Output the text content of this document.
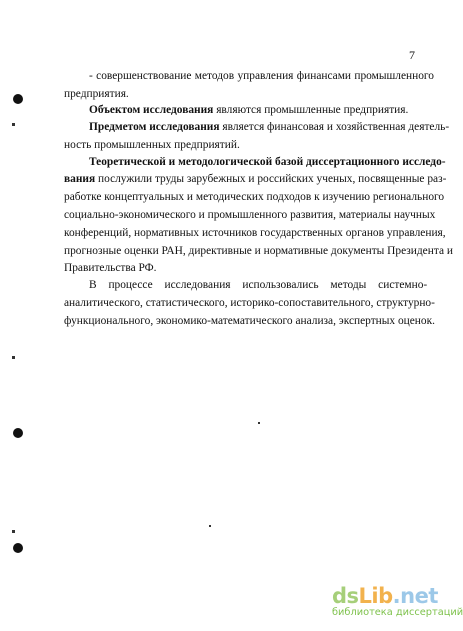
7
- совершенствование методов управления финансами промышленного
предприятия.
Объектом исследования являются промышленные предприятия.
Предметом исследования является финансовая и хозяйственная деятель-
ность промышленных предприятий.
Теоретической и методологической базой диссертационного исследо-
вания послужили труды зарубежных и российских ученых, посвященные раз-
работке концептуальных и методических подходов к изучению регионального
социально-экономического и промышленного развития, материалы научных
конференций, нормативных источников государственных органов управления,
прогнозные оценки РАН, директивные и нормативные документы Президента и
Правительства РФ.
В процессе исследования использовались методы системно-
аналитического, статистического, историко-сопоставительного, структурно-
функционального, экономико-математического анализа, экспертных оценок.
dsLib.net
библиотека диссертаций
